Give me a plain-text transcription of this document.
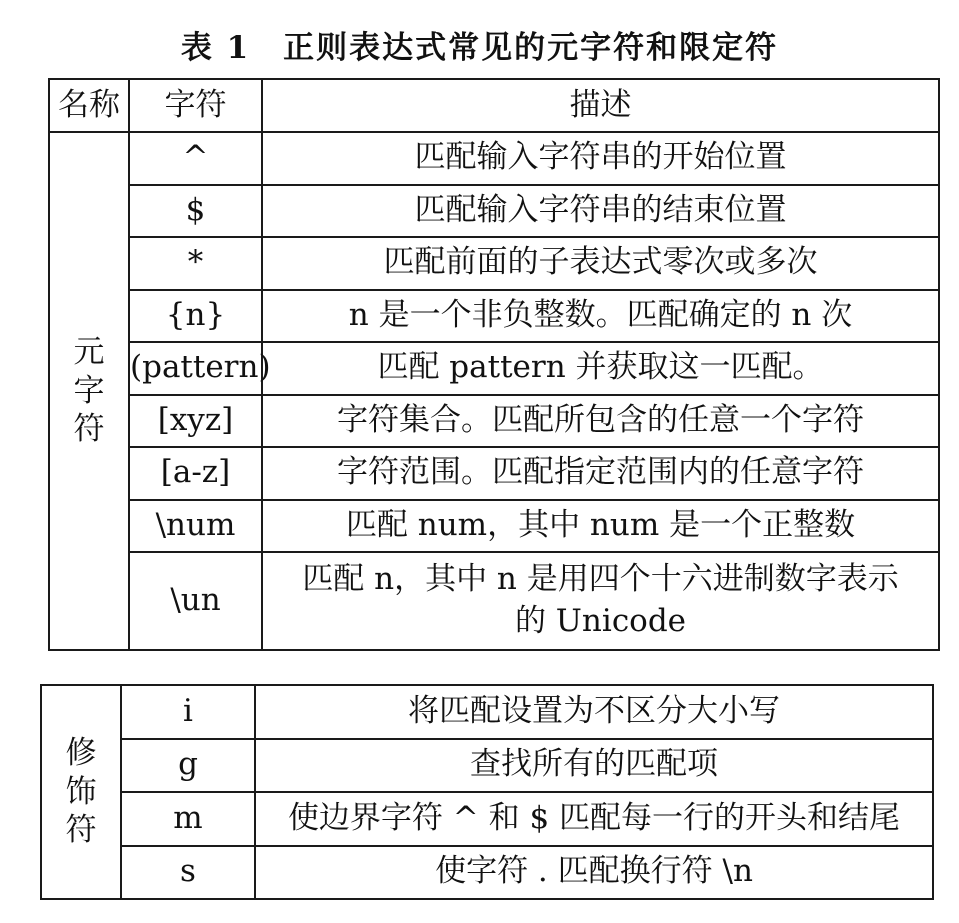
表 1　正则表达式常见的元字符和限定符
名称	字符	描述

元
字
符	^	匹配输入字符串的开始位置
	$	匹配输入字符串的结束位置
	*	匹配前面的子表达式零次或多次
	{n}	n 是一个非负整数。匹配确定的 n 次
	(pattern)	匹配 pattern 并获取这一匹配。
	[xyz]	字符集合。匹配所包含的任意一个字符
	[a-z]	字符范围。匹配指定范围内的任意字符
	\num	匹配 num，其中 num 是一个正整数
	\un	匹配 n，其中 n 是用四个十六进制数字表示
的 Unicode
修
饰
符	i	将匹配设置为不区分大小写
	g	查找所有的匹配项
	m	使边界字符 ^ 和 $ 匹配每一行的开头和结尾
	s	使字符 . 匹配换行符 \n
